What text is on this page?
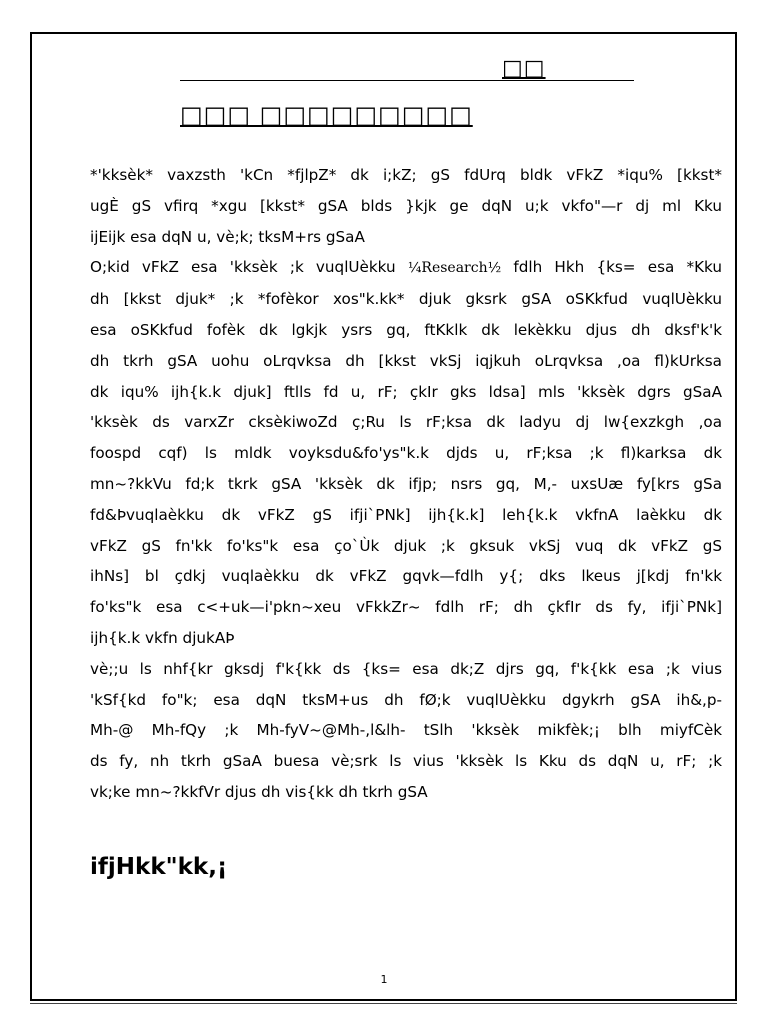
□□
□□□ □□□□□□□□□
*'kksèk* vaxzsth 'kCn *fjlpZ* dk i;kZ; gS fdUrq bldk vFkZ *iqu% [kkst*
ugÈ gS vfirq *xgu [kkst* gSA blds }kjk ge dqN u;k vkfo"—r dj ml Kku
ijEijk esa dqN u, vè;k; tksM+rs gSaA
O;kid vFkZ esa 'kksèk ;k vuqlUèkku ¼Research½ fdlh Hkh {ks= esa *Kku
dh [kkst djuk* ;k *fofèkor xos"k.kk* djuk gksrk gSA oSKkfud vuqlUèkku
esa oSKkfud fofèk dk lgkjk ysrs gq, ftKklk dk lekèkku djus dh dksf'k'k
dh tkrh gSA uohu oLrqvksa dh [kkst vkSj iqjkuh oLrqvksa ,oa fl)kUrksa
dk iqu% ijh{k.k djuk] ftlls fd u, rF; çkIr gks ldsa] mls 'kksèk dgrs gSaA
'kksèk ds varxZr cksèkiwoZd ç;Ru ls rF;ksa dk ladyu dj lw{exzkgh ,oa
foospd cqf) ls mldk voyksdu&fo'ys"k.k djds u, rF;ksa ;k fl)karksa dk
mn~?kkVu fd;k tkrk gSA 'kksèk dk ifjp; nsrs gq, M,- uxsUæ fy[krs gSa
fd&Þvuqlaèkku dk vFkZ gS ifji`PNk] ijh{k.k] leh{k.k vkfnA laèkku dk
vFkZ gS fn'kk fo'ks"k esa ço`Ùk djuk ;k gksuk vkSj vuq dk vFkZ gS
ihNs] bl çdkj vuqlaèkku dk vFkZ gqvk—fdlh y{; dks lkeus j[kdj fn'kk
fo'ks"k esa c<+uk—i'pkn~xeu vFkkZr~ fdlh rF; dh çkfIr ds fy, ifji`PNk]
ijh{k.k vkfn djukAÞ
vè;;u ls nhf{kr gksdj f'k{kk ds {ks= esa dk;Z djrs gq, f'k{kk esa ;k vius
'kSf{kd fo"k; esa dqN tksM+us dh fØ;k vuqlUèkku dgykrh gSA ih&,p-
Mh-@ Mh-fQy ;k Mh-fyV~@Mh-,l&lh- tSlh 'kksèk mikfèk;¡ blh miyfCèk
ds fy, nh tkrh gSaA buesa vè;srk ls vius 'kksèk ls Kku ds dqN u, rF; ;k
vk;ke mn~?kkfVr djus dh vis{kk dh tkrh gSA
ifjHkk"kk,¡
1
